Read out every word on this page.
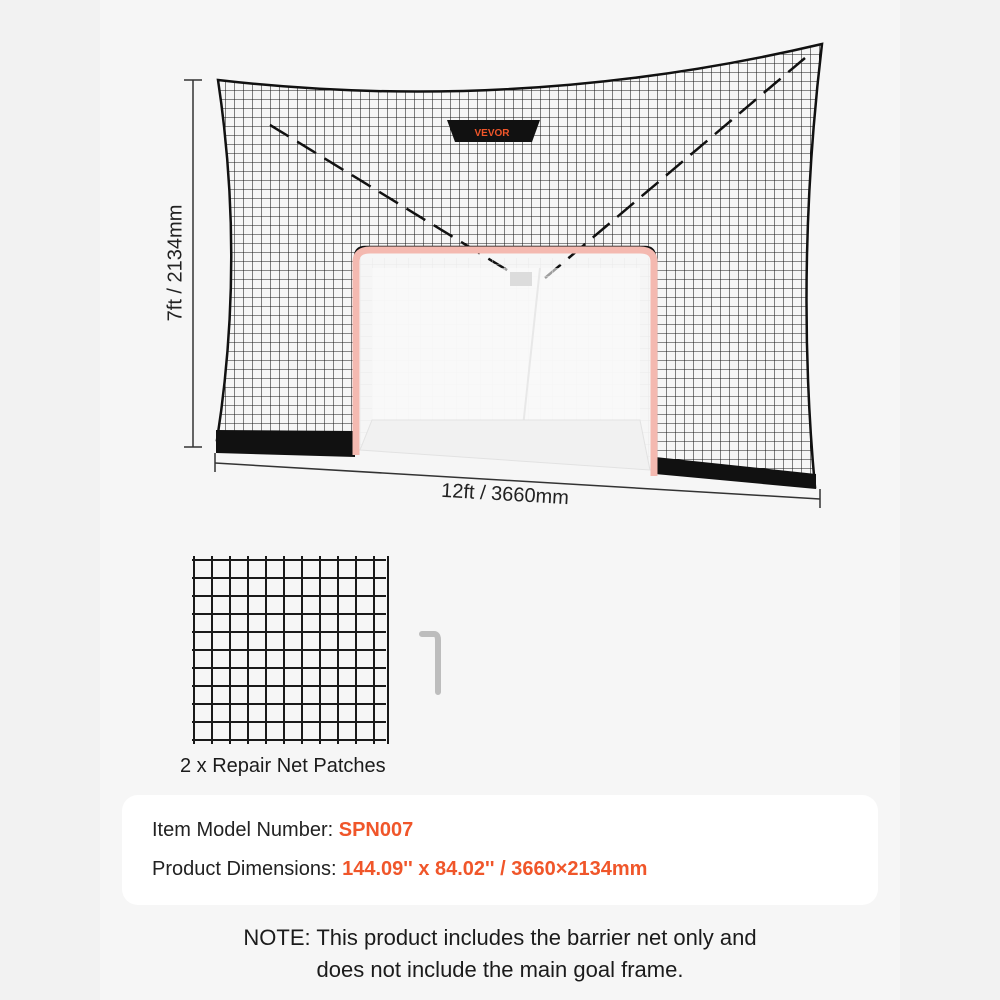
VEVOR
7ft / 2134mm
12ft / 3660mm
2 x Repair Net Patches
Item Model Number: SPN007
Product Dimensions: 144.09'' x 84.02'' / 3660×2134mm
NOTE: This product includes the barrier net only and
does not include the main goal frame.
